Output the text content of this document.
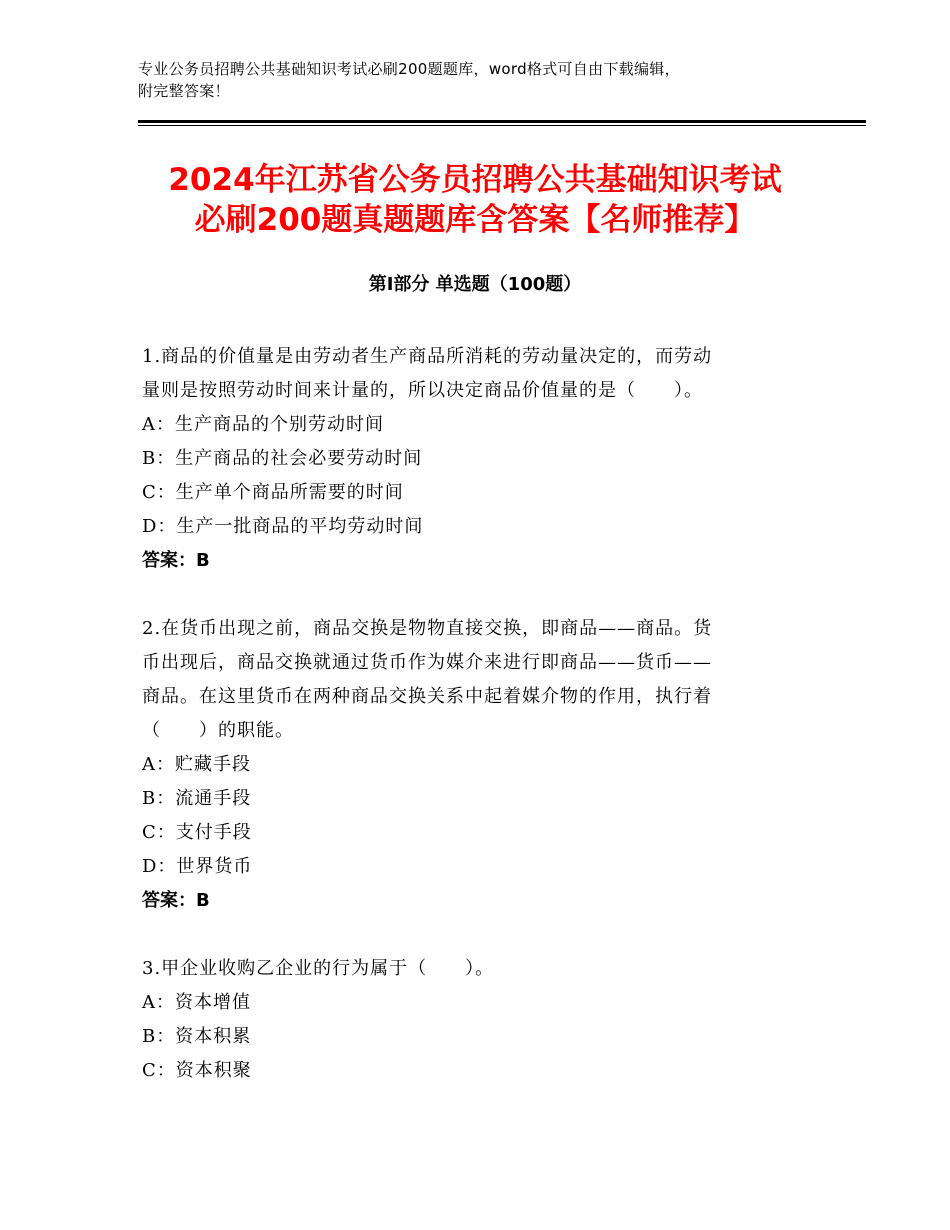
专业公务员招聘公共基础知识考试必刷200题题库，word格式可自由下载编辑，
附完整答案！
2024年江苏省公务员招聘公共基础知识考试
必刷200题真题题库含答案【名师推荐】
第Ⅰ部分 单选题（100题）

1.商品的价值量是由劳动者生产商品所消耗的劳动量决定的，而劳动

量则是按照劳动时间来计量的，所以决定商品价值量的是（　　）。

A：生产商品的个别劳动时间

B：生产商品的社会必要劳动时间

C：生产单个商品所需要的时间

D：生产一批商品的平均劳动时间

答案：B

2.在货币出现之前，商品交换是物物直接交换，即商品——商品。货

币出现后，商品交换就通过货币作为媒介来进行即商品——货币——

商品。在这里货币在两种商品交换关系中起着媒介物的作用，执行着

（　　）的职能。

A：贮藏手段

B：流通手段

C：支付手段

D：世界货币

答案：B

3.甲企业收购乙企业的行为属于（　　）。

A：资本增值

B：资本积累

C：资本积聚
